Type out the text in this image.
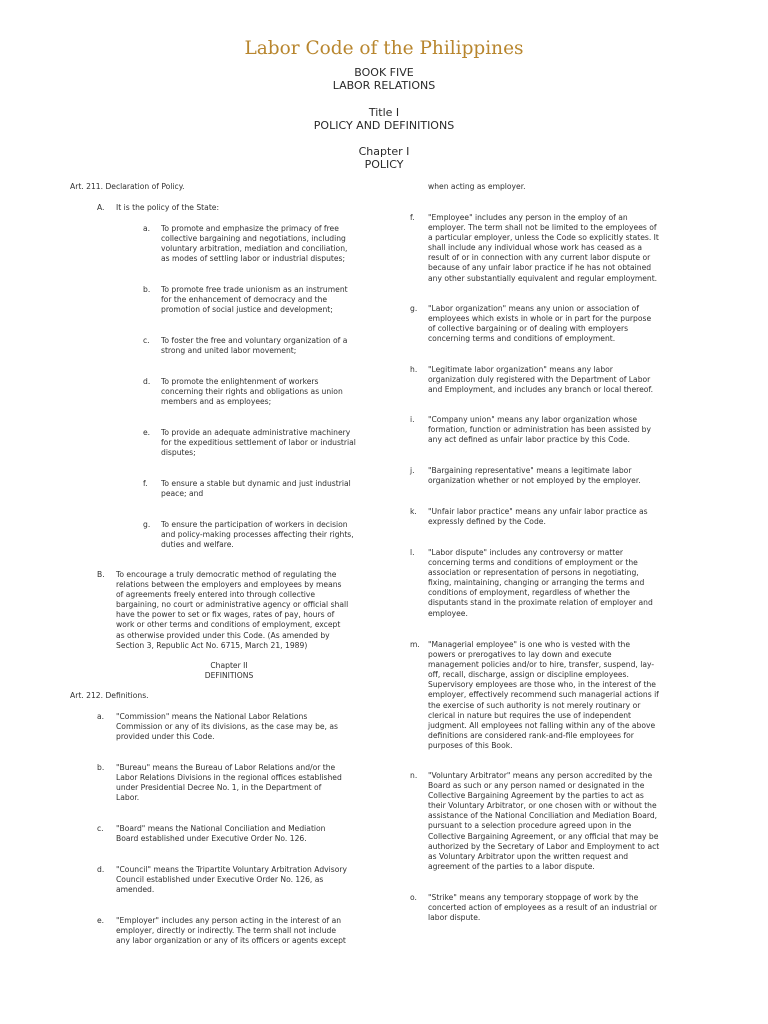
Labor Code of the Philippines
BOOK FIVE
LABOR RELATIONS
Title I
POLICY AND DEFINITIONS
Chapter I
POLICY
Art. 211. Declaration of Policy.
A. It is the policy of the State:
a. To promote and emphasize the primacy of free
collective bargaining and negotiations, including
voluntary arbitration, mediation and conciliation,
as modes of settling labor or industrial disputes;
b. To promote free trade unionism as an instrument
for the enhancement of democracy and the
promotion of social justice and development;
c. To foster the free and voluntary organization of a
strong and united labor movement;
d. To promote the enlightenment of workers
concerning their rights and obligations as union
members and as employees;
e. To provide an adequate administrative machinery
for the expeditious settlement of labor or industrial
disputes;
f. To ensure a stable but dynamic and just industrial
peace; and
g. To ensure the participation of workers in decision
and policy-making processes affecting their rights,
duties and welfare.
B. To encourage a truly democratic method of regulating the
relations between the employers and employees by means
of agreements freely entered into through collective
bargaining, no court or administrative agency or official shall
have the power to set or fix wages, rates of pay, hours of
work or other terms and conditions of employment, except
as otherwise provided under this Code. (As amended by
Section 3, Republic Act No. 6715, March 21, 1989)
Chapter II
DEFINITIONS
Art. 212. Definitions.
a. "Commission" means the National Labor Relations
Commission or any of its divisions, as the case may be, as
provided under this Code.
b. "Bureau" means the Bureau of Labor Relations and/or the
Labor Relations Divisions in the regional offices established
under Presidential Decree No. 1, in the Department of
Labor.
c. "Board" means the National Conciliation and Mediation
Board established under Executive Order No. 126.
d. "Council" means the Tripartite Voluntary Arbitration Advisory
Council established under Executive Order No. 126, as
amended.
e. "Employer" includes any person acting in the interest of an
employer, directly or indirectly. The term shall not include
any labor organization or any of its officers or agents except
when acting as employer.
f. "Employee" includes any person in the employ of an
employer. The term shall not be limited to the employees of
a particular employer, unless the Code so explicitly states. It
shall include any individual whose work has ceased as a
result of or in connection with any current labor dispute or
because of any unfair labor practice if he has not obtained
any other substantially equivalent and regular employment.
g. "Labor organization" means any union or association of
employees which exists in whole or in part for the purpose
of collective bargaining or of dealing with employers
concerning terms and conditions of employment.
h. "Legitimate labor organization" means any labor
organization duly registered with the Department of Labor
and Employment, and includes any branch or local thereof.
i. "Company union" means any labor organization whose
formation, function or administration has been assisted by
any act defined as unfair labor practice by this Code.
j. "Bargaining representative" means a legitimate labor
organization whether or not employed by the employer.
k. "Unfair labor practice" means any unfair labor practice as
expressly defined by the Code.
l. "Labor dispute" includes any controversy or matter
concerning terms and conditions of employment or the
association or representation of persons in negotiating,
fixing, maintaining, changing or arranging the terms and
conditions of employment, regardless of whether the
disputants stand in the proximate relation of employer and
employee.
m. "Managerial employee" is one who is vested with the
powers or prerogatives to lay down and execute
management policies and/or to hire, transfer, suspend, lay-
off, recall, discharge, assign or discipline employees.
Supervisory employees are those who, in the interest of the
employer, effectively recommend such managerial actions if
the exercise of such authority is not merely routinary or
clerical in nature but requires the use of independent
judgment. All employees not falling within any of the above
definitions are considered rank-and-file employees for
purposes of this Book.
n. "Voluntary Arbitrator" means any person accredited by the
Board as such or any person named or designated in the
Collective Bargaining Agreement by the parties to act as
their Voluntary Arbitrator, or one chosen with or without the
assistance of the National Conciliation and Mediation Board,
pursuant to a selection procedure agreed upon in the
Collective Bargaining Agreement, or any official that may be
authorized by the Secretary of Labor and Employment to act
as Voluntary Arbitrator upon the written request and
agreement of the parties to a labor dispute.
o. "Strike" means any temporary stoppage of work by the
concerted action of employees as a result of an industrial or
labor dispute.
